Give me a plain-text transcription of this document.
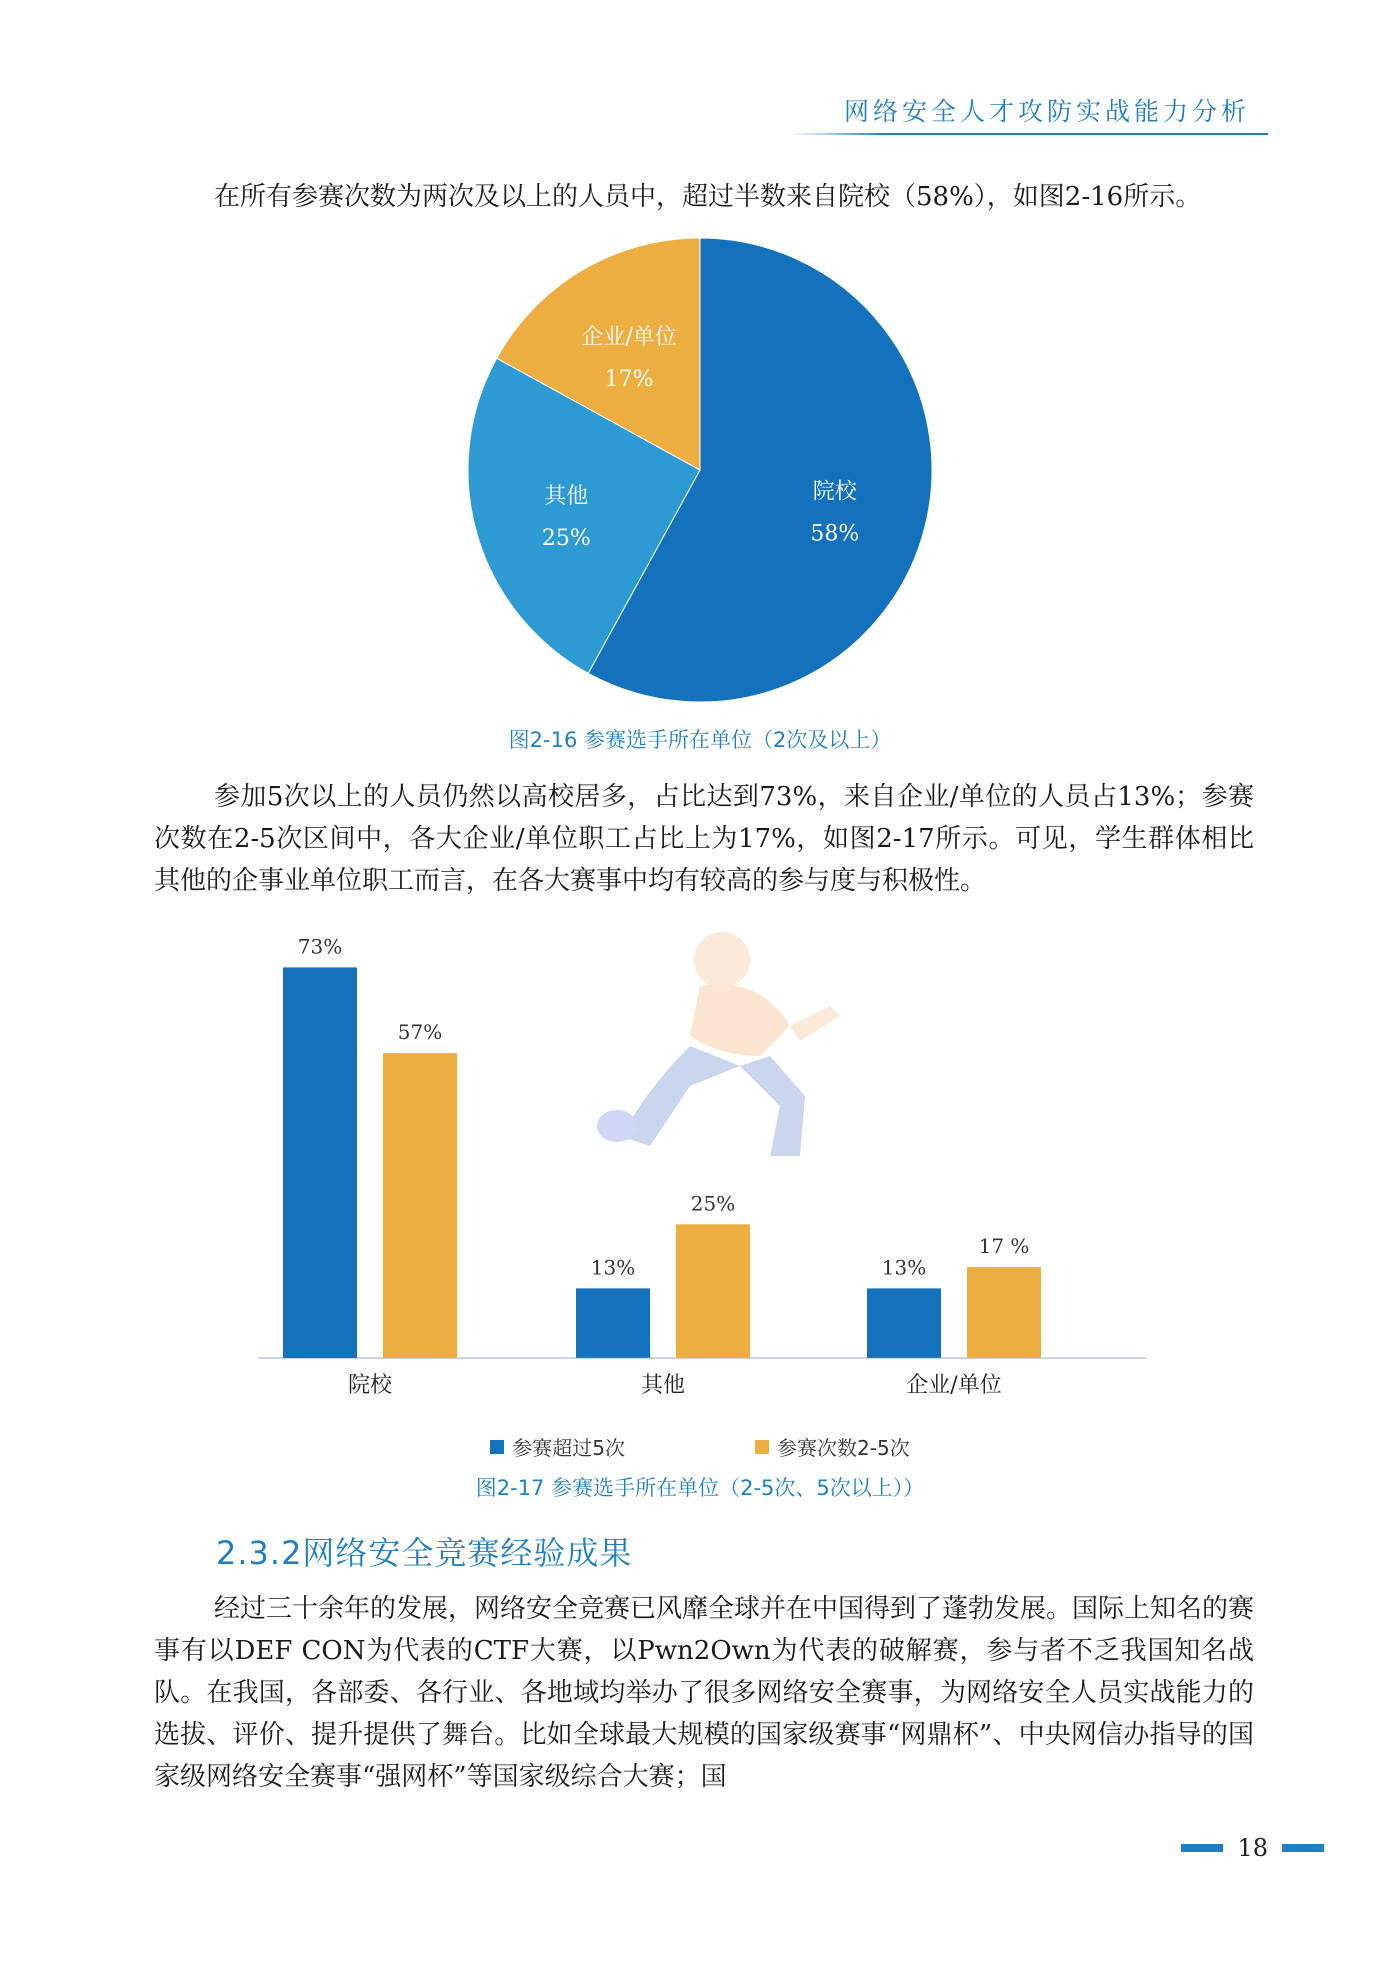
网络安全人才攻防实战能力分析

在所有参赛次数为两次及以上的人员中，超过半数来自院校（58%），如图2-16所示。

院校
58%
其他
25%
企业/单位
17%
图2-16 参赛选手所在单位（2次及以上）

参加5次以上的人员仍然以高校居多，占比达到73%，来自企业/单位的人员占13%；参赛次数在2-5次区间中，各大企业/单位职工占比上为17%，如图2-17所示。可见，学生群体相比其他的企事业单位职工而言，在各大赛事中均有较高的参与度与积极性。

73%
57%
13%
25%
13%
17 %
院校	其他	企业/单位
参赛超过5次	参赛次数2-5次
图2-17 参赛选手所在单位（2-5次、5次以上））
2.3.2网络安全竞赛经验成果

经过三十余年的发展，网络安全竞赛已风靡全球并在中国得到了蓬勃发展。国际上知名的赛事有以DEF CON为代表的CTF大赛，以Pwn2Own为代表的破解赛，参与者不乏我国知名战队。在我国，各部委、各行业、各地域均举办了很多网络安全赛事，为网络安全人员实战能力的选拔、评价、提升提供了舞台。比如全球最大规模的国家级赛事“网鼎杯”、中央网信办指导的国家级网络安全赛事“强网杯”等国家级综合大赛；国

18
